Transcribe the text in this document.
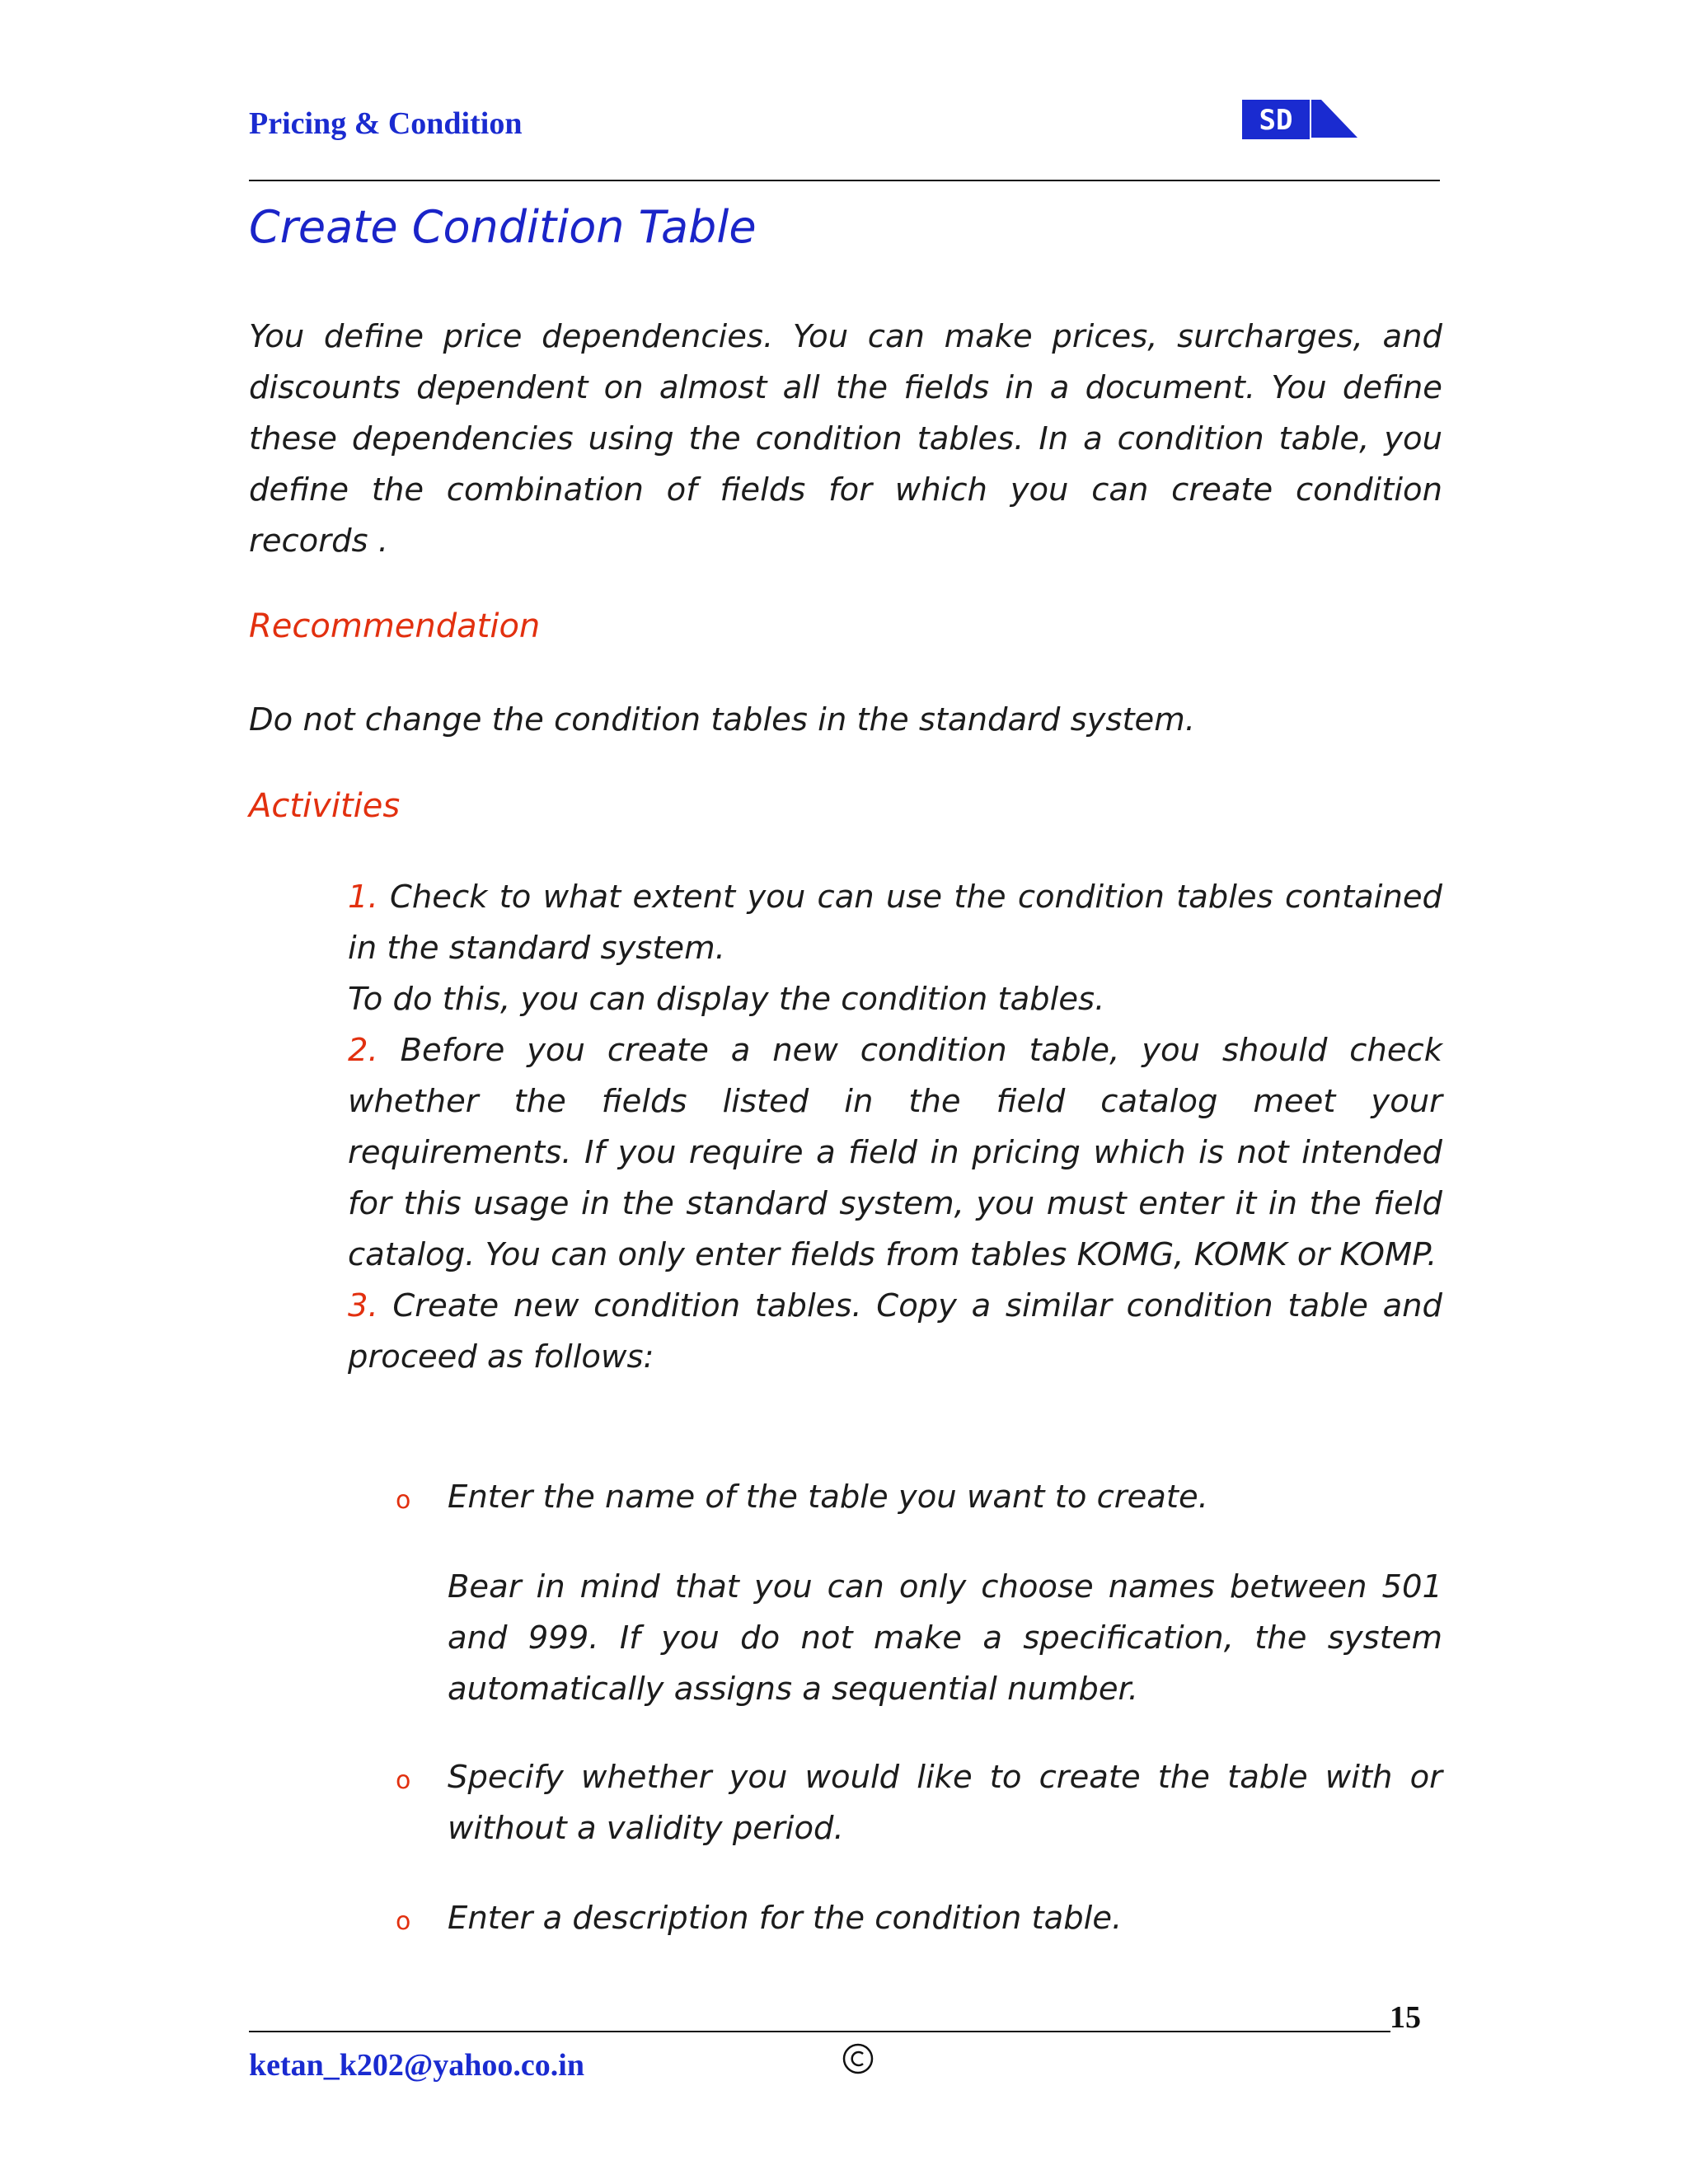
Pricing & Condition	SD
Create Condition Table

You define price dependencies. You can make prices, surcharges, and discounts dependent on almost all the fields in a document. You define these dependencies using the condition tables. In a condition table, you define the combination of fields for which you can create condition records .

Recommendation

Do not change the condition tables in the standard system.

Activities
1. Check to what extent you can use the condition tables contained in the standard system.
To do this, you can display the condition tables.
2. Before you create a new condition table, you should check whether the fields listed in the field catalog meet your requirements. If you require a field in pricing which is not intended for this usage in the standard system, you must enter it in the field catalog. You can only enter fields from tables KOMG, KOMK or KOMP.
3. Create new condition tables. Copy a similar condition table and proceed as follows:
o Enter the name of the table you want to create.

Bear in mind that you can only choose names between 501 and 999. If you do not make a specification, the system automatically assigns a sequential number.

o Specify whether you would like to create the table with or without a validity period.

o Enter a description for the condition table.

15
ketan_k202@yahoo.co.in
